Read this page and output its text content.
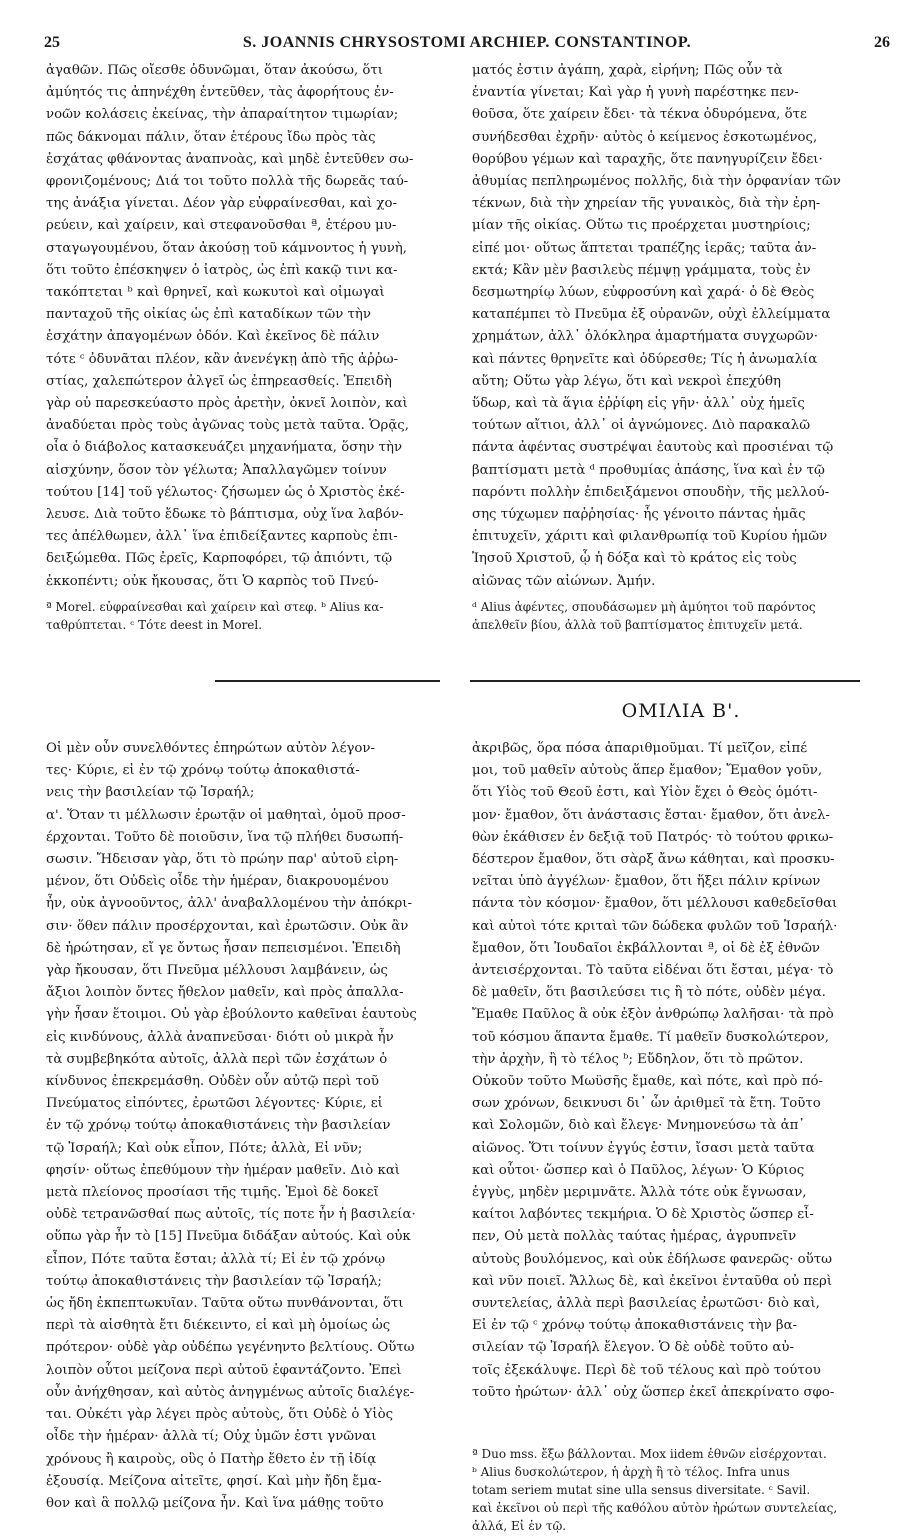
25	S. JOANNIS CHRYSOSTOMI ARCHIEP. CONSTANTINOP.	26

ἀγαθῶν. Πῶς οἴεσθε ὀδυνῶμαι, ὅταν ἀκούσω, ὅτι
ἀμύητός τις ἀπηνέχθη ἐντεῦθεν, τὰς ἀφορήτους ἐν-
νοῶν κολάσεις ἐκείνας, τὴν ἀπαραίτητον τιμωρίαν;
πῶς δάκνομαι πάλιν, ὅταν ἑτέρους ἴδω πρὸς τὰς
ἐσχάτας φθάνοντας ἀναπνοὰς, καὶ μηδὲ ἐντεῦθεν σω-
φρονιζομένους; Διά τοι τοῦτο πολλὰ τῆς δωρεᾶς ταύ-
της ἀνάξια γίνεται. Δέον γὰρ εὐφραίνεσθαι, καὶ χο-
ρεύειν, καὶ χαίρειν, καὶ στεφανοῦσθαι ª, ἑτέρου μυ-
σταγωγουμένου, ὅταν ἀκούσῃ τοῦ κάμνοντος ἡ γυνὴ,
ὅτι τοῦτο ἐπέσκηψεν ὁ ἰατρὸς, ὡς ἐπὶ κακῷ τινι κα-
τακόπτεται ᵇ καὶ θρηνεῖ, καὶ κωκυτοὶ καὶ οἰμωγαὶ
πανταχοῦ τῆς οἰκίας ὡς ἐπὶ καταδίκων τῶν τὴν
ἐσχάτην ἀπαγομένων ὁδόν. Καὶ ἐκεῖνος δὲ πάλιν
τότε ᶜ ὀδυνᾶται πλέον, κἂν ἀνενέγκῃ ἀπὸ τῆς ἀῤῥω-
στίας, χαλεπώτερον ἀλγεῖ ὡς ἐπηρεασθείς. Ἐπειδὴ
γὰρ οὐ παρεσκεύαστο πρὸς ἀρετὴν, ὀκνεῖ λοιπὸν, καὶ
ἀναδύεται πρὸς τοὺς ἀγῶνας τοὺς μετὰ ταῦτα. Ὁρᾷς,
οἷα ὁ διάβολος κατασκευάζει μηχανήματα, ὅσην τὴν
αἰσχύνην, ὅσον τὸν γέλωτα; Ἀπαλλαγῶμεν τοίνυν
τούτου [14] τοῦ γέλωτος· ζήσωμεν ὡς ὁ Χριστὸς ἐκέ-
λευσε. Διὰ τοῦτο ἔδωκε τὸ βάπτισμα, οὐχ ἵνα λαβόν-
τες ἀπέλθωμεν, ἀλλ᾽ ἵνα ἐπιδείξαντες καρποὺς ἐπι-
δειξώμεθα. Πῶς ἐρεῖς, Καρποφόρει, τῷ ἀπιόντι, τῷ
ἐκκοπέντι; οὐκ ἤκουσας, ὅτι Ὁ καρπὸς τοῦ Πνεύ-

ματός ἐστιν ἀγάπη, χαρὰ, εἰρήνη; Πῶς οὖν τὰ
ἐναντία γίνεται; Καὶ γὰρ ἡ γυνὴ παρέστηκε πεν-
θοῦσα, ὅτε χαίρειν ἔδει· τὰ τέκνα ὀδυρόμενα, ὅτε
συνήδεσθαι ἐχρῆν· αὐτὸς ὁ κείμενος ἐσκοτωμένος,
θορύβου γέμων καὶ ταραχῆς, ὅτε πανηγυρίζειν ἔδει·
ἀθυμίας πεπληρωμένος πολλῆς, διὰ τὴν ὀρφανίαν τῶν
τέκνων, διὰ τὴν χηρείαν τῆς γυναικὸς, διὰ τὴν ἐρη-
μίαν τῆς οἰκίας. Οὕτω τις προέρχεται μυστηρίοις;
εἰπέ μοι· οὕτως ἅπτεται τραπέζης ἱερᾶς; ταῦτα ἀν-
εκτά; Κἂν μὲν βασιλεὺς πέμψῃ γράμματα, τοὺς ἐν
δεσμωτηρίῳ λύων, εὐφροσύνη καὶ χαρά· ὁ δὲ Θεὸς
καταπέμπει τὸ Πνεῦμα ἐξ οὐρανῶν, οὐχὶ ἐλλείμματα
χρημάτων, ἀλλ᾽ ὁλόκληρα ἁμαρτήματα συγχωρῶν·
καὶ πάντες θρηνεῖτε καὶ ὀδύρεσθε; Τίς ἡ ἀνωμαλία
αὕτη; Οὕτω γὰρ λέγω, ὅτι καὶ νεκροὶ ἐπεχύθη
ὕδωρ, καὶ τὰ ἅγια ἐῤῥίφη εἰς γῆν· ἀλλ᾽ οὐχ ἡμεῖς
τούτων αἴτιοι, ἀλλ᾽ οἱ ἀγνώμονες. Διὸ παρακαλῶ
πάντα ἀφέντας συστρέψαι ἑαυτοὺς καὶ προσιέναι τῷ
βαπτίσματι μετὰ ᵈ προθυμίας ἁπάσης, ἵνα καὶ ἐν τῷ
παρόντι πολλὴν ἐπιδειξάμενοι σπουδὴν, τῆς μελλού-
σης τύχωμεν παῤῥησίας· ἧς γένοιτο πάντας ἡμᾶς
ἐπιτυχεῖν, χάριτι καὶ φιλανθρωπίᾳ τοῦ Κυρίου ἡμῶν
Ἰησοῦ Χριστοῦ, ᾧ ἡ δόξα καὶ τὸ κράτος εἰς τοὺς
αἰῶνας τῶν αἰώνων. Ἀμήν.

ª Morel. εὐφραίνεσθαι καὶ χαίρειν καὶ στεφ. ᵇ Alius κα-
ταθρύπτεται. ᶜ Τότε deest in Morel.

ᵈ Alius ἀφέντες, σπουδάσωμεν μὴ ἀμύητοι τοῦ παρόντος
ἀπελθεῖν βίου, ἀλλὰ τοῦ βαπτίσματος ἐπιτυχεῖν μετά.

ΟΜΙΛΙΑ Β'.

Οἱ μὲν οὖν συνελθόντες ἐπηρώτων αὐτὸν λέγον-
τες· Κύριε, εἰ ἐν τῷ χρόνῳ τούτῳ ἀποκαθιστά-
νεις τὴν βασιλείαν τῷ Ἰσραήλ;
α'. Ὅταν τι μέλλωσιν ἐρωτᾷν οἱ μαθηταὶ, ὁμοῦ προσ-
έρχονται. Τοῦτο δὲ ποιοῦσιν, ἵνα τῷ πλήθει δυσωπή-
σωσιν. Ἤδεισαν γὰρ, ὅτι τὸ πρώην παρ' αὐτοῦ εἰρη-
μένον, ὅτι Οὐδεὶς οἶδε τὴν ἡμέραν, διακρουομένου
ἦν, οὐκ ἀγνοοῦντος, ἀλλ' ἀναβαλλομένου τὴν ἀπόκρι-
σιν· ὅθεν πάλιν προσέρχονται, καὶ ἐρωτῶσιν. Οὐκ ἂν
δὲ ἠρώτησαν, εἴ γε ὄντως ἦσαν πεπεισμένοι. Ἐπειδὴ
γὰρ ἤκουσαν, ὅτι Πνεῦμα μέλλουσι λαμβάνειν, ὡς
ἄξιοι λοιπὸν ὄντες ἤθελον μαθεῖν, καὶ πρὸς ἀπαλλα-
γὴν ἦσαν ἕτοιμοι. Οὐ γὰρ ἐβούλοντο καθεῖναι ἑαυτοὺς
εἰς κινδύνους, ἀλλὰ ἀναπνεῦσαι· διότι οὐ μικρὰ ἦν
τὰ συμβεβηκότα αὐτοῖς, ἀλλὰ περὶ τῶν ἐσχάτων ὁ
κίνδυνος ἐπεκρεμάσθη. Οὐδὲν οὖν αὐτῷ περὶ τοῦ
Πνεύματος εἰπόντες, ἐρωτῶσι λέγοντες· Κύριε, εἰ
ἐν τῷ χρόνῳ τούτῳ ἀποκαθιστάνεις τὴν βασιλείαν
τῷ Ἰσραήλ; Καὶ οὐκ εἶπον, Πότε; ἀλλὰ, Εἰ νῦν;
φησίν· οὕτως ἐπεθύμουν τὴν ἡμέραν μαθεῖν. Διὸ καὶ
μετὰ πλείονος προσίασι τῆς τιμῆς. Ἐμοὶ δὲ δοκεῖ
οὐδὲ τετρανῶσθαί πως αὐτοῖς, τίς ποτε ἦν ἡ βασιλεία·
οὕπω γὰρ ἦν τὸ [15] Πνεῦμα διδάξαν αὐτούς. Καὶ οὐκ
εἶπον, Πότε ταῦτα ἔσται; ἀλλὰ τί; Εἰ ἐν τῷ χρόνῳ
τούτῳ ἀποκαθιστάνεις τὴν βασιλείαν τῷ Ἰσραήλ;
ὡς ἤδη ἐκπεπτωκυῖαν. Ταῦτα οὕτω πυνθάνονται, ὅτι
περὶ τὰ αἰσθητὰ ἔτι διέκειντο, εἰ καὶ μὴ ὁμοίως ὡς
πρότερον· οὐδὲ γὰρ οὐδέπω γεγένηντο βελτίους. Οὕτω
λοιπὸν οὗτοι μείζονα περὶ αὐτοῦ ἐφαντάζοντο. Ἐπεὶ
οὖν ἀνήχθησαν, καὶ αὐτὸς ἀνηγμένως αὐτοῖς διαλέγε-
ται. Οὐκέτι γὰρ λέγει πρὸς αὐτοὺς, ὅτι Οὐδὲ ὁ Υἱὸς
οἶδε τὴν ἡμέραν· ἀλλὰ τί; Οὐχ ὑμῶν ἐστι γνῶναι
χρόνους ἢ καιροὺς, οὓς ὁ Πατὴρ ἔθετο ἐν τῇ ἰδίᾳ
ἐξουσίᾳ. Μείζονα αἰτεῖτε, φησί. Καὶ μὴν ἤδη ἔμα-
θον καὶ ἃ πολλῷ μείζονα ἦν. Καὶ ἵνα μάθῃς τοῦτο

ἀκριβῶς, ὅρα πόσα ἀπαριθμοῦμαι. Τί μεῖζον, εἰπέ
μοι, τοῦ μαθεῖν αὐτοὺς ἅπερ ἔμαθον; Ἔμαθον γοῦν,
ὅτι Υἱὸς τοῦ Θεοῦ ἐστι, καὶ Υἱὸν ἔχει ὁ Θεὸς ὁμότι-
μον· ἔμαθον, ὅτι ἀνάστασις ἔσται· ἔμαθον, ὅτι ἀνελ-
θὼν ἐκάθισεν ἐν δεξιᾷ τοῦ Πατρός· τὸ τούτου φρικω-
δέστερον ἔμαθον, ὅτι σὰρξ ἄνω κάθηται, καὶ προσκυ-
νεῖται ὑπὸ ἀγγέλων· ἔμαθον, ὅτι ἥξει πάλιν κρίνων
πάντα τὸν κόσμον· ἔμαθον, ὅτι μέλλουσι καθεδεῖσθαι
καὶ αὐτοὶ τότε κριταὶ τῶν δώδεκα φυλῶν τοῦ Ἰσραήλ·
ἔμαθον, ὅτι Ἰουδαῖοι ἐκβάλλονται ª, οἱ δὲ ἐξ ἐθνῶν
ἀντεισέρχονται. Τὸ ταῦτα εἰδέναι ὅτι ἔσται, μέγα· τὸ
δὲ μαθεῖν, ὅτι βασιλεύσει τις ἢ τὸ πότε, οὐδὲν μέγα.
Ἔμαθε Παῦλος ἃ οὐκ ἐξὸν ἀνθρώπῳ λαλῆσαι· τὰ πρὸ
τοῦ κόσμου ἅπαντα ἔμαθε. Τί μαθεῖν δυσκολώτερον,
τὴν ἀρχὴν, ἢ τὸ τέλος ᵇ; Εὔδηλον, ὅτι τὸ πρῶτον.
Οὐκοῦν τοῦτο Μωϋσῆς ἔμαθε, καὶ πότε, καὶ πρὸ πό-
σων χρόνων, δεικνυσι δι᾽ ὧν ἀριθμεῖ τὰ ἔτη. Τοῦτο
καὶ Σολομῶν, διὸ καὶ ἔλεγε· Μνημονεύσω τὰ ἀπ᾽
αἰῶνος. Ὅτι τοίνυν ἐγγύς ἐστιν, ἴσασι μετὰ ταῦτα
καὶ οὗτοι· ὥσπερ καὶ ὁ Παῦλος, λέγων· Ὁ Κύριος
ἐγγὺς, μηδὲν μεριμνᾶτε. Ἀλλὰ τότε οὐκ ἔγνωσαν,
καίτοι λαβόντες τεκμήρια. Ὁ δὲ Χριστὸς ὥσπερ εἶ-
πεν, Οὐ μετὰ πολλὰς ταύτας ἡμέρας, ἀγρυπνεῖν
αὐτοὺς βουλόμενος, καὶ οὐκ ἐδήλωσε φανερῶς· οὕτω
καὶ νῦν ποιεῖ. Ἄλλως δὲ, καὶ ἐκεῖνοι ἐνταῦθα οὐ περὶ
συντελείας, ἀλλὰ περὶ βασιλείας ἐρωτῶσι· διὸ καὶ,
Εἰ ἐν τῷ ᶜ χρόνῳ τούτῳ ἀποκαθιστάνεις τὴν βα-
σιλείαν τῷ Ἰσραήλ ἔλεγον. Ὁ δὲ οὐδὲ τοῦτο αὐ-
τοῖς ἐξεκάλυψε. Περὶ δὲ τοῦ τέλους καὶ πρὸ τούτου
τοῦτο ἠρώτων· ἀλλ᾽ οὐχ ὥσπερ ἐκεῖ ἀπεκρίνατο σφο-

ª Duo mss. ἔξω βάλλονται. Mox iidem ἐθνῶν εἰσέρχονται.
ᵇ Alius δυσκολώτερον, ἡ ἀρχὴ ἢ τὸ τέλος. Infra unus
totam seriem mutat sine ulla sensus diversitate. ᶜ Savil.
καὶ ἐκεῖνοι οὐ περὶ τῆς καθόλου αὐτὸν ἠρώτων συντελείας,
ἀλλά, Εἰ ἐν τῷ.
